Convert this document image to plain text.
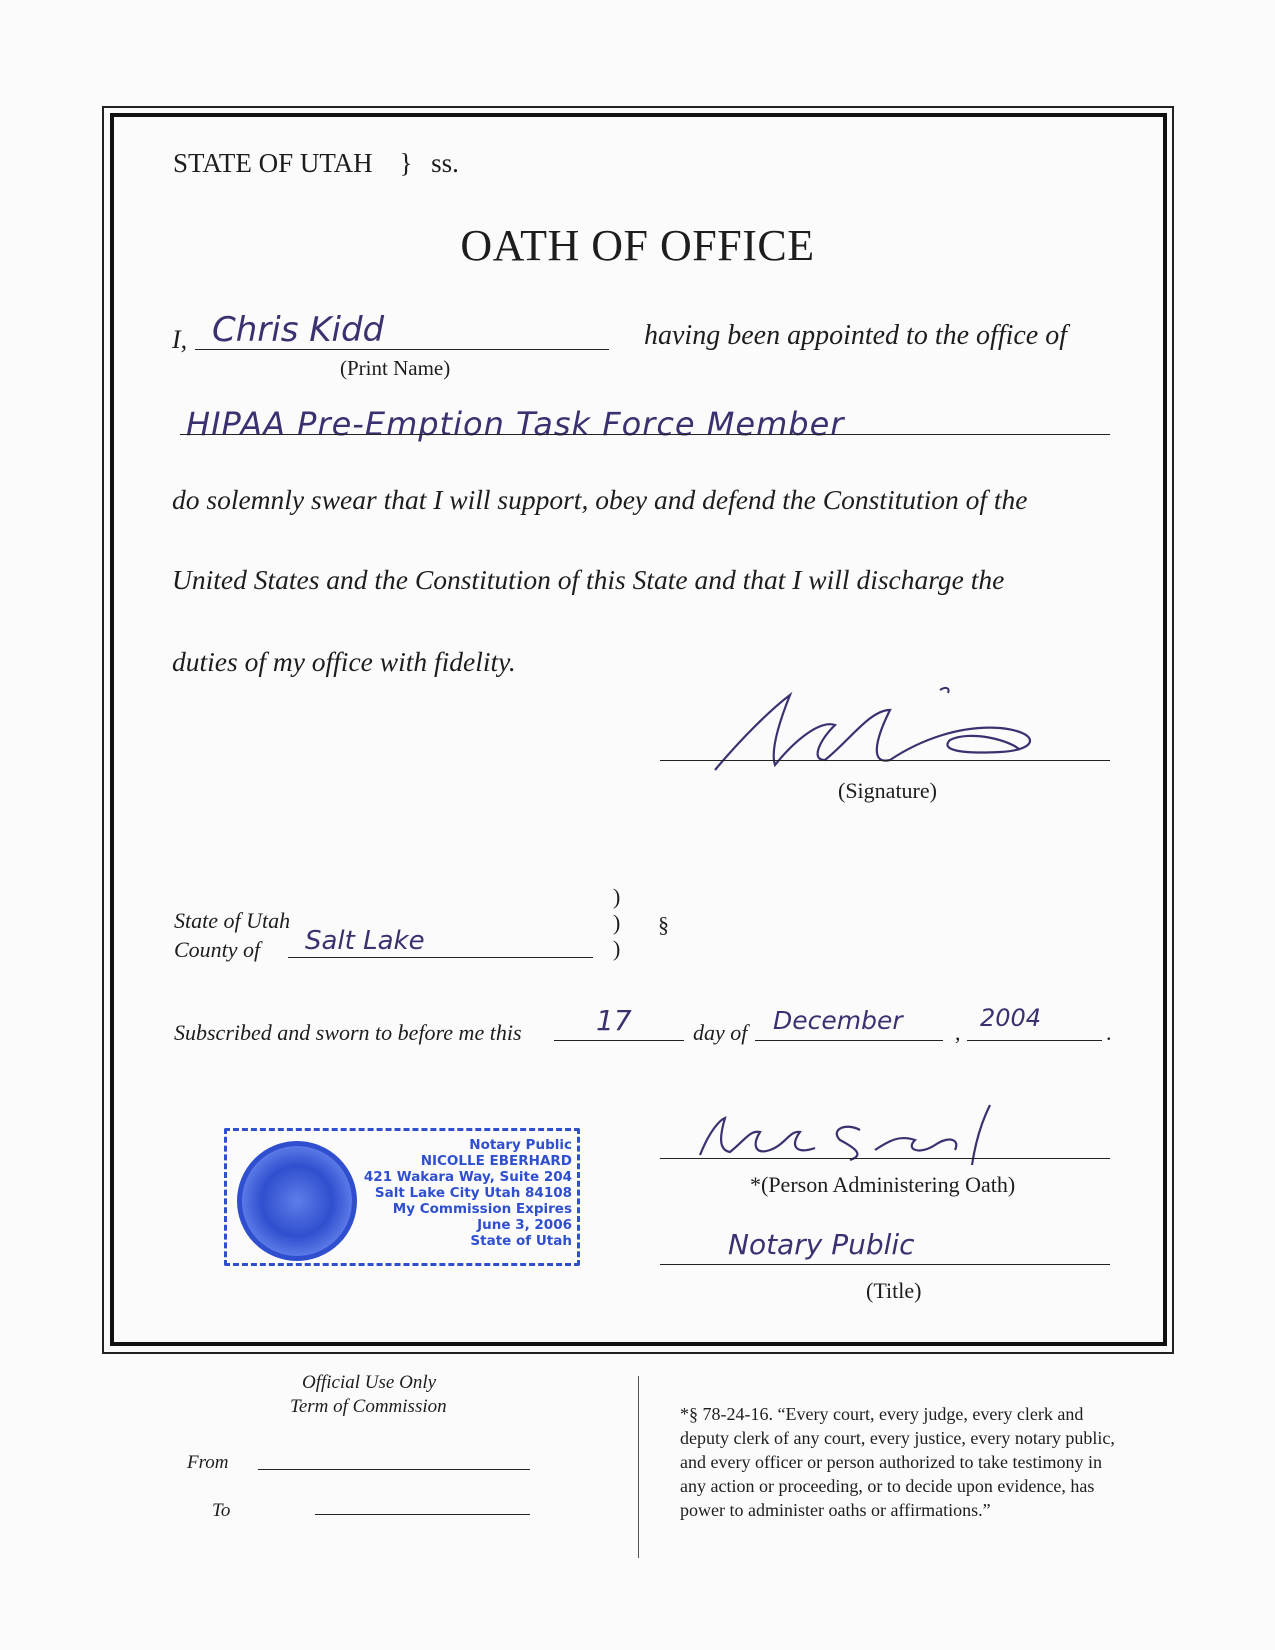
STATE OF UTAH } ss.
OATH OF OFFICE
I, Chris Kidd
(Print Name)
having been appointed to the office of
HIPAA Pre-Emption Task Force Member
do solemnly swear that I will support, obey and defend the Constitution of the
United States and the Constitution of this State and that I will discharge the
duties of my office with fidelity.
(Signature)
State of Utah
County of Salt Lake
)
)
)
§
Subscribed and sworn to before me this	17	day of December ,
2004
.
Notary Public
NICOLLE EBERHARD
421 Wakara Way, Suite 204
Salt Lake City Utah 84108
My Commission Expires
June 3, 2006
State of Utah
*(Person Administering Oath)
Notary Public
(Title)
Official Use Only
Term of Commission
From
To
*§ 78-24-16. “Every court, every judge, every clerk and
deputy clerk of any court, every justice, every notary public,
and every officer or person authorized to take testimony in
any action or proceeding, or to decide upon evidence, has
power to administer oaths or affirmations.”
